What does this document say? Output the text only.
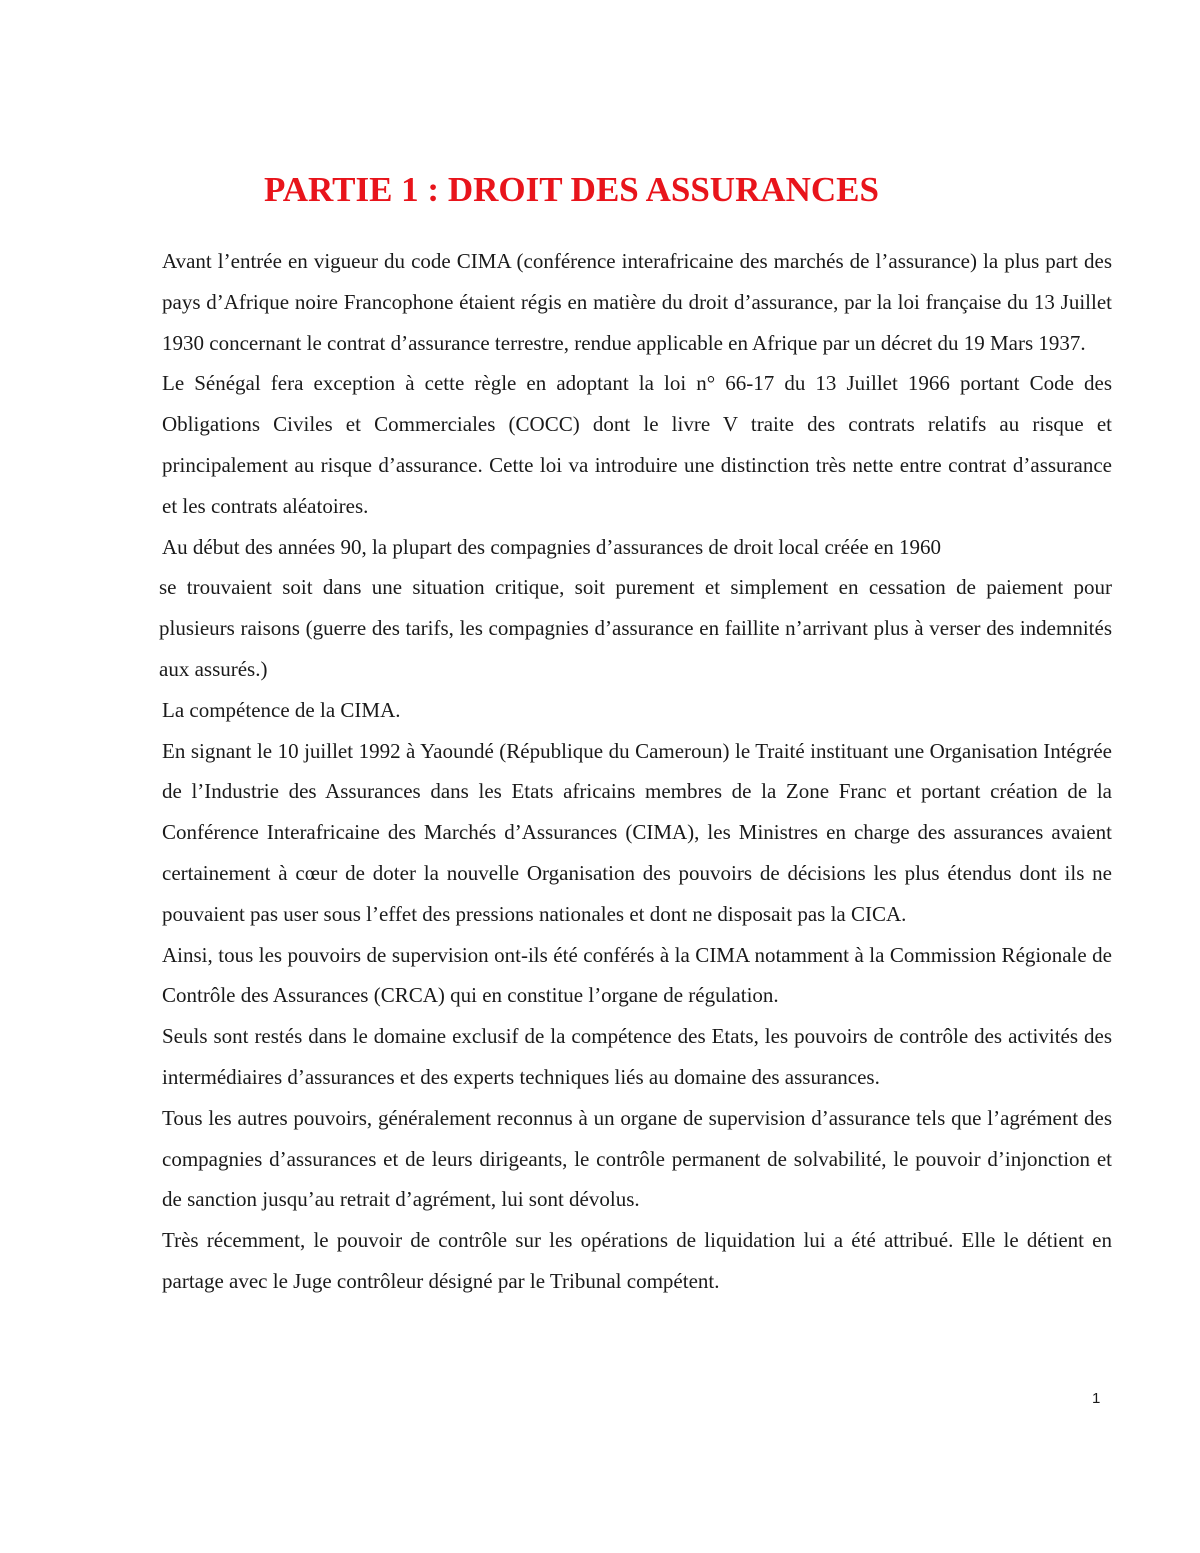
PARTIE 1 : DROIT DES ASSURANCES

Avant l’entrée en vigueur du code CIMA (conférence interafricaine des marchés de l’assurance) la plus part des pays d’Afrique noire Francophone étaient régis en matière du droit d’assurance, par la loi française du 13 Juillet 1930 concernant le contrat d’assurance terrestre, rendue applicable en Afrique par un décret du 19 Mars 1937.

Le Sénégal fera exception à cette règle en adoptant la loi n° 66-17 du 13 Juillet 1966 portant Code des Obligations Civiles et Commerciales (COCC) dont le livre V traite des contrats relatifs au risque et principalement au risque d’assurance. Cette loi va introduire une distinction très nette entre contrat d’assurance et les contrats aléatoires.

Au début des années 90, la plupart des compagnies d’assurances de droit local créée en 1960

se trouvaient soit dans une situation critique, soit purement et simplement en cessation de paiement pour plusieurs raisons (guerre des tarifs, les compagnies d’assurance en faillite n’arrivant plus à verser des indemnités aux assurés.)

La compétence de la CIMA.

En signant le 10 juillet 1992 à Yaoundé (République du Cameroun) le Traité instituant une Organisation Intégrée de l’Industrie des Assurances dans les Etats africains membres de la Zone Franc et portant création de la Conférence Interafricaine des Marchés d’Assurances (CIMA), les Ministres en charge des assurances avaient certainement à cœur de doter la nouvelle Organisation des pouvoirs de décisions les plus étendus dont ils ne pouvaient pas user sous l’effet des pressions nationales et dont ne disposait pas la CICA.

Ainsi, tous les pouvoirs de supervision ont-ils été conférés à la CIMA notamment à la Commission Régionale de Contrôle des Assurances (CRCA) qui en constitue l’organe de régulation.

Seuls sont restés dans le domaine exclusif de la compétence des Etats, les pouvoirs de contrôle des activités des intermédiaires d’assurances et des experts techniques liés au domaine des assurances.

Tous les autres pouvoirs, généralement reconnus à un organe de supervision d’assurance tels que l’agrément des compagnies d’assurances et de leurs dirigeants, le contrôle permanent de solvabilité, le pouvoir d’injonction et de sanction jusqu’au retrait d’agrément, lui sont dévolus.

Très récemment, le pouvoir de contrôle sur les opérations de liquidation lui a été attribué. Elle le détient en partage avec le Juge contrôleur désigné par le Tribunal compétent.

1
